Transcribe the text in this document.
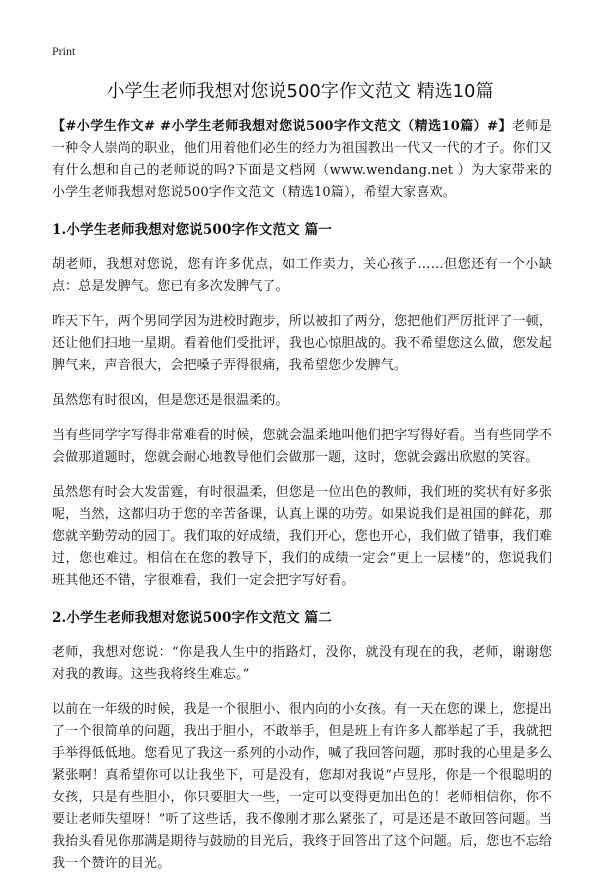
Print
小学生老师我想对您说500字作文范文 精选10篇

【#小学生作文# #小学生老师我想对您说500字作文范文（精选10篇）#】老师是一种令人崇尚的职业，他们用着他们必生的经力为祖国教出一代又一代的才子。你们又有什么想和自己的老师说的吗?下面是文档网（www.wendang.net ）为大家带来的小学生老师我想对您说500字作文范文（精选10篇），希望大家喜欢。

1.小学生老师我想对您说500字作文范文 篇一

胡老师，我想对您说，您有许多优点，如工作卖力，关心孩子……但您还有一个小缺点：总是发脾气。您已有多次发脾气了。

昨天下午，两个男同学因为进校时跑步，所以被扣了两分，您把他们严厉批评了一顿，还让他们扫地一星期。看着他们受批评，我也心惊胆战的。我不希望您这么做，您发起脾气来，声音很大，会把嗓子弄得很痛，我希望您少发脾气。

虽然您有时很凶，但是您还是很温柔的。

当有些同学字写得非常难看的时候，您就会温柔地叫他们把字写得好看。当有些同学不会做那道题时，您就会耐心地教导他们会做那一题，这时，您就会露出欣慰的笑容。

虽然您有时会大发雷霆，有时很温柔，但您是一位出色的教师，我们班的奖状有好多张呢，当然，这都归功于您的辛苦备课，认真上课的功劳。如果说我们是祖国的鲜花，那您就辛勤劳动的园丁。我们取的好成绩，我们开心，您也开心，我们做了错事，我们难过，您也难过。相信在在您的教导下，我们的成绩一定会“更上一层楼”的，您说我们班其他还不错，字很难看，我们一定会把字写好看。

2.小学生老师我想对您说500字作文范文 篇二

老师，我想对您说：“你是我人生中的指路灯，没你，就没有现在的我，老师，谢谢您对我的教诲。这些我将终生难忘。”

以前在一年级的时候，我是一个很胆小、很内向的小女孩。有一天在您的课上，您提出了一个很简单的问题，我出于胆小，不敢举手，但是班上有许多人都举起了手，我就把手举得低低地。您看见了我这一系列的小动作，喊了我回答问题，那时我的心里是多么紧张啊！真希望你可以让我坐下，可是没有，您却对我说“卢昱彤，你是一个很聪明的女孩，只是有些胆小，你只要胆大一些，一定可以变得更加出色的！老师相信你，你不要让老师失望呀！”听了这些话，我不像刚才那么紧张了，可是还是不敢回答问题。当我抬头看见你那满是期待与鼓励的目光后，我终于回答出了这个问题。后，您也不忘给我一个赞许的目光。
